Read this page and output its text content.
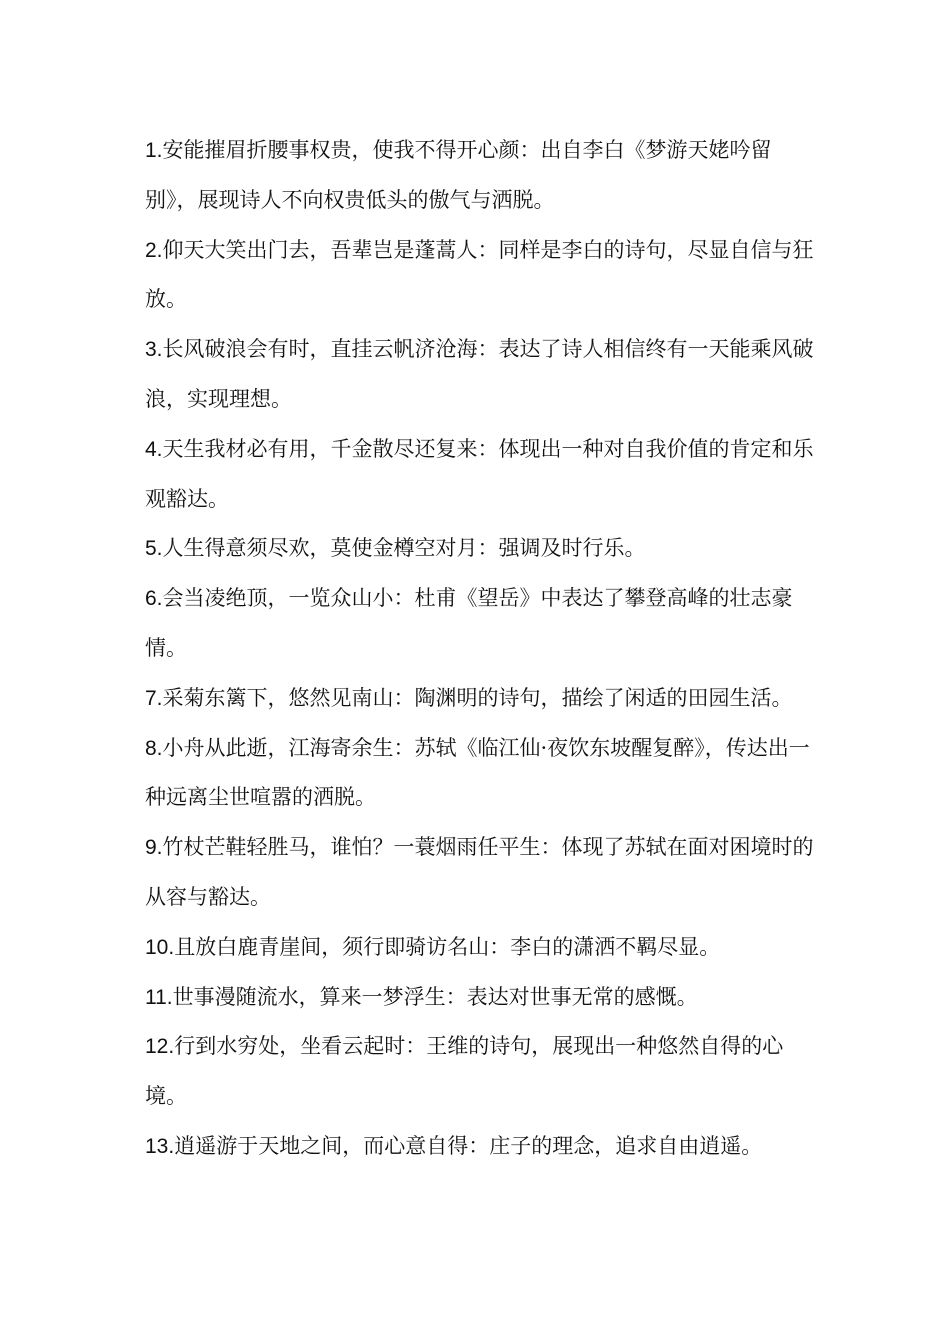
1.安能摧眉折腰事权贵，使我不得开心颜：出自李白《梦游天姥吟留别》，展现诗人不向权贵低头的傲气与洒脱。

2.仰天大笑出门去，吾辈岂是蓬蒿人：同样是李白的诗句，尽显自信与狂放。

3.长风破浪会有时，直挂云帆济沧海：表达了诗人相信终有一天能乘风破浪，实现理想。

4.天生我材必有用，千金散尽还复来：体现出一种对自我价值的肯定和乐观豁达。

5.人生得意须尽欢，莫使金樽空对月：强调及时行乐。

6.会当凌绝顶，一览众山小：杜甫《望岳》中表达了攀登高峰的壮志豪情。

7.采菊东篱下，悠然见南山：陶渊明的诗句，描绘了闲适的田园生活。

8.小舟从此逝，江海寄余生：苏轼《临江仙·夜饮东坡醒复醉》，传达出一种远离尘世喧嚣的洒脱。

9.竹杖芒鞋轻胜马，谁怕？一蓑烟雨任平生：体现了苏轼在面对困境时的从容与豁达。

10.且放白鹿青崖间，须行即骑访名山：李白的潇洒不羁尽显。

11.世事漫随流水，算来一梦浮生：表达对世事无常的感慨。

12.行到水穷处，坐看云起时：王维的诗句，展现出一种悠然自得的心境。

13.逍遥游于天地之间，而心意自得：庄子的理念，追求自由逍遥。
